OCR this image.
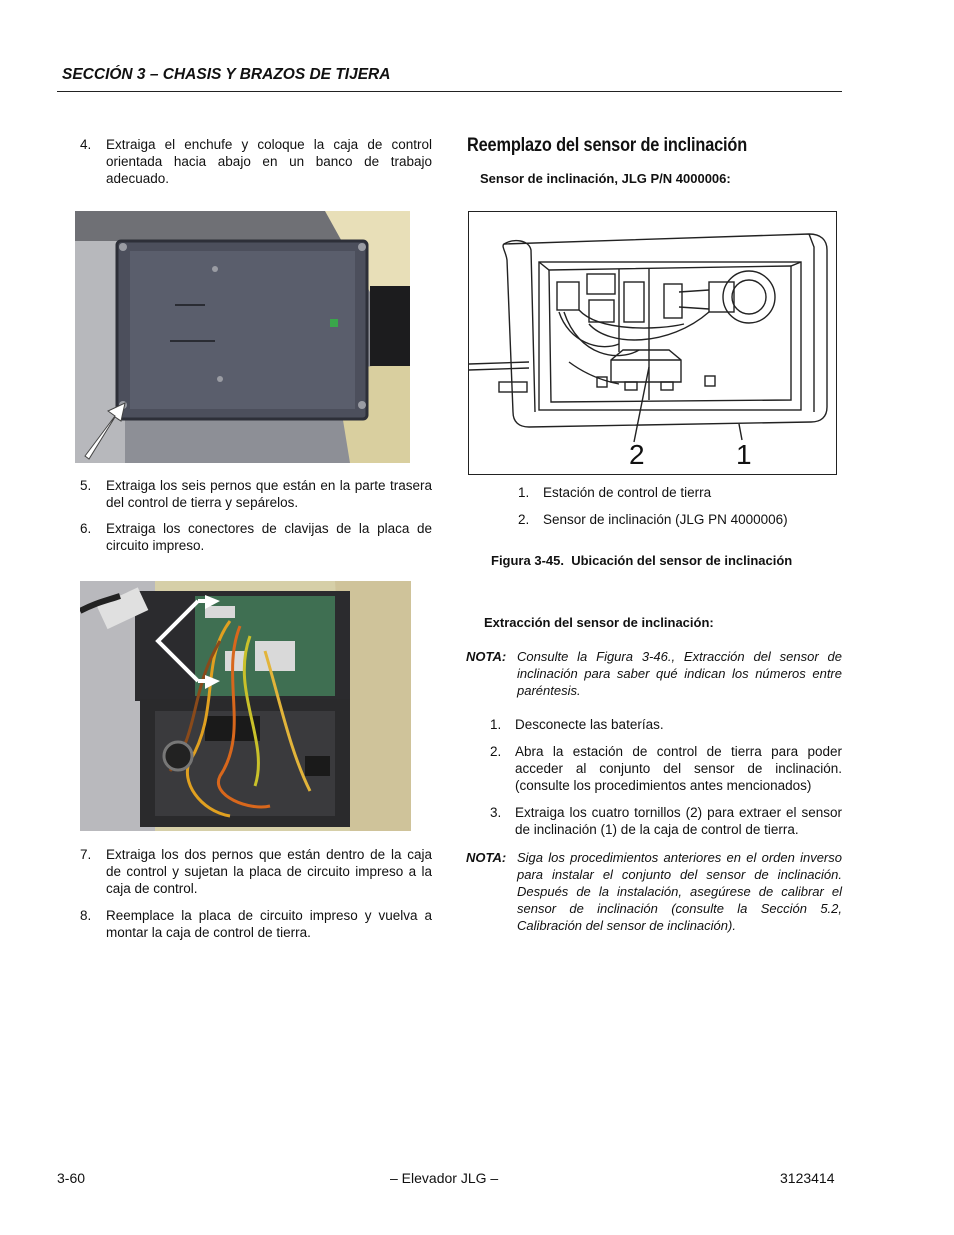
SECCIÓN 3 – CHASIS Y BRAZOS DE TIJERA
4. Extraiga el enchufe y coloque la caja de control orientada hacia abajo en un banco de trabajo adecuado.
5. Extraiga los seis pernos que están en la parte trasera del control de tierra y sepárelos.
6. Extraiga los conectores de clavijas de la placa de circuito impreso.
7. Extraiga los dos pernos que están dentro de la caja de control y sujetan la placa de circuito impreso a la caja de control.
8. Reemplace la placa de circuito impreso y vuelva a montar la caja de control de tierra.
Reemplazo del sensor de inclinación
Sensor de inclinación, JLG P/N 4000006:
2	1
1. Estación de control de tierra
2. Sensor de inclinación (JLG PN 4000006)
Figura 3-45.  Ubicación del sensor de inclinación
Extracción del sensor de inclinación:
NOTA: Consulte la Figura 3-46., Extracción del sensor de inclinación para saber qué indican los números entre paréntesis.
1. Desconecte las baterías.
2. Abra la estación de control de tierra para poder acceder al conjunto del sensor de inclinación. (consulte los procedimientos antes mencionados)
3. Extraiga los cuatro tornillos (2) para extraer el sensor de inclinación (1) de la caja de control de tierra.
NOTA: Siga los procedimientos anteriores en el orden inverso para instalar el conjunto del sensor de inclinación. Después de la instalación, asegúrese de calibrar el sensor de inclinación (consulte la Sección 5.2, Calibración del sensor de inclinación).
3-60	– Elevador JLG –	3123414
